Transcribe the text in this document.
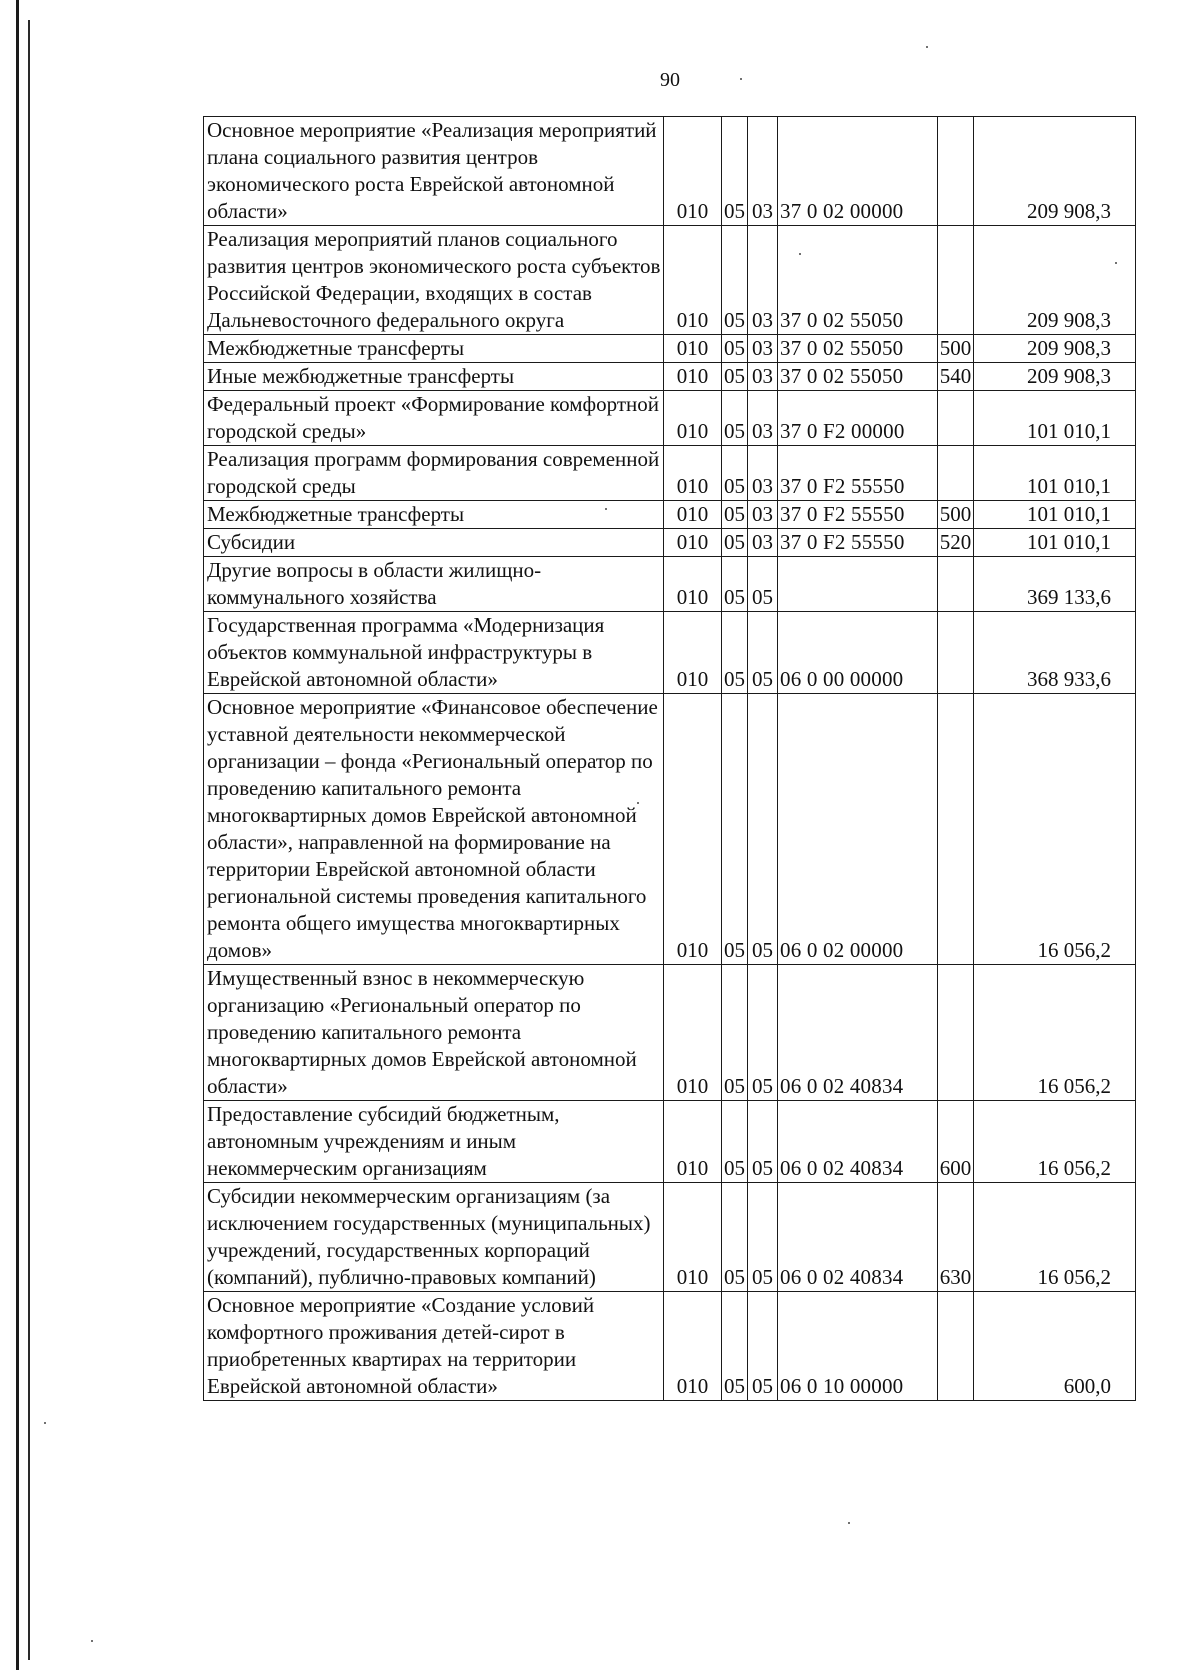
90
Основное мероприятие «Реализация мероприятий плана социального развития центров экономического роста Еврейской автономной области»	010	05	03	37 0 02 00000		209 908,3
Реализация мероприятий планов социального развития центров экономического роста субъектов Российской Федерации, входящих в состав Дальневосточного федерального округа	010	05	03	37 0 02 55050		209 908,3
Межбюджетные трансферты	010	05	03	37 0 02 55050	500	209 908,3
Иные межбюджетные трансферты	010	05	03	37 0 02 55050	540	209 908,3
Федеральный проект «Формирование комфортной городской среды»	010	05	03	37 0 F2 00000		101 010,1
Реализация программ формирования современной городской среды	010	05	03	37 0 F2 55550		101 010,1
Межбюджетные трансферты	010	05	03	37 0 F2 55550	500	101 010,1
Субсидии	010	05	03	37 0 F2 55550	520	101 010,1
Другие вопросы в области жилищно-коммунального хозяйства	010	05	05			369 133,6
Государственная программа «Модернизация объектов коммунальной инфраструктуры в Еврейской автономной области»	010	05	05	06 0 00 00000		368 933,6
Основное мероприятие «Финансовое обеспечение уставной деятельности некоммерческой организации – фонда «Региональный оператор по проведению капитального ремонта многоквартирных домов Еврейской автономной области», направленной на формирование на территории Еврейской автономной области региональной системы проведения капитального ремонта общего имущества многоквартирных домов»	010	05	05	06 0 02 00000		16 056,2
Имущественный взнос в некоммерческую организацию «Региональный оператор по проведению капитального ремонта многоквартирных домов Еврейской автономной области»	010	05	05	06 0 02 40834		16 056,2
Предоставление субсидий бюджетным, автономным учреждениям и иным некоммерческим организациям	010	05	05	06 0 02 40834	600	16 056,2
Субсидии некоммерческим организациям (за исключением государственных (муниципальных) учреждений, государственных корпораций (компаний), публично-правовых компаний)	010	05	05	06 0 02 40834	630	16 056,2
Основное мероприятие «Создание условий комфортного проживания детей-сирот в приобретенных квартирах на территории Еврейской автономной области»	010	05	05	06 0 10 00000		600,0
